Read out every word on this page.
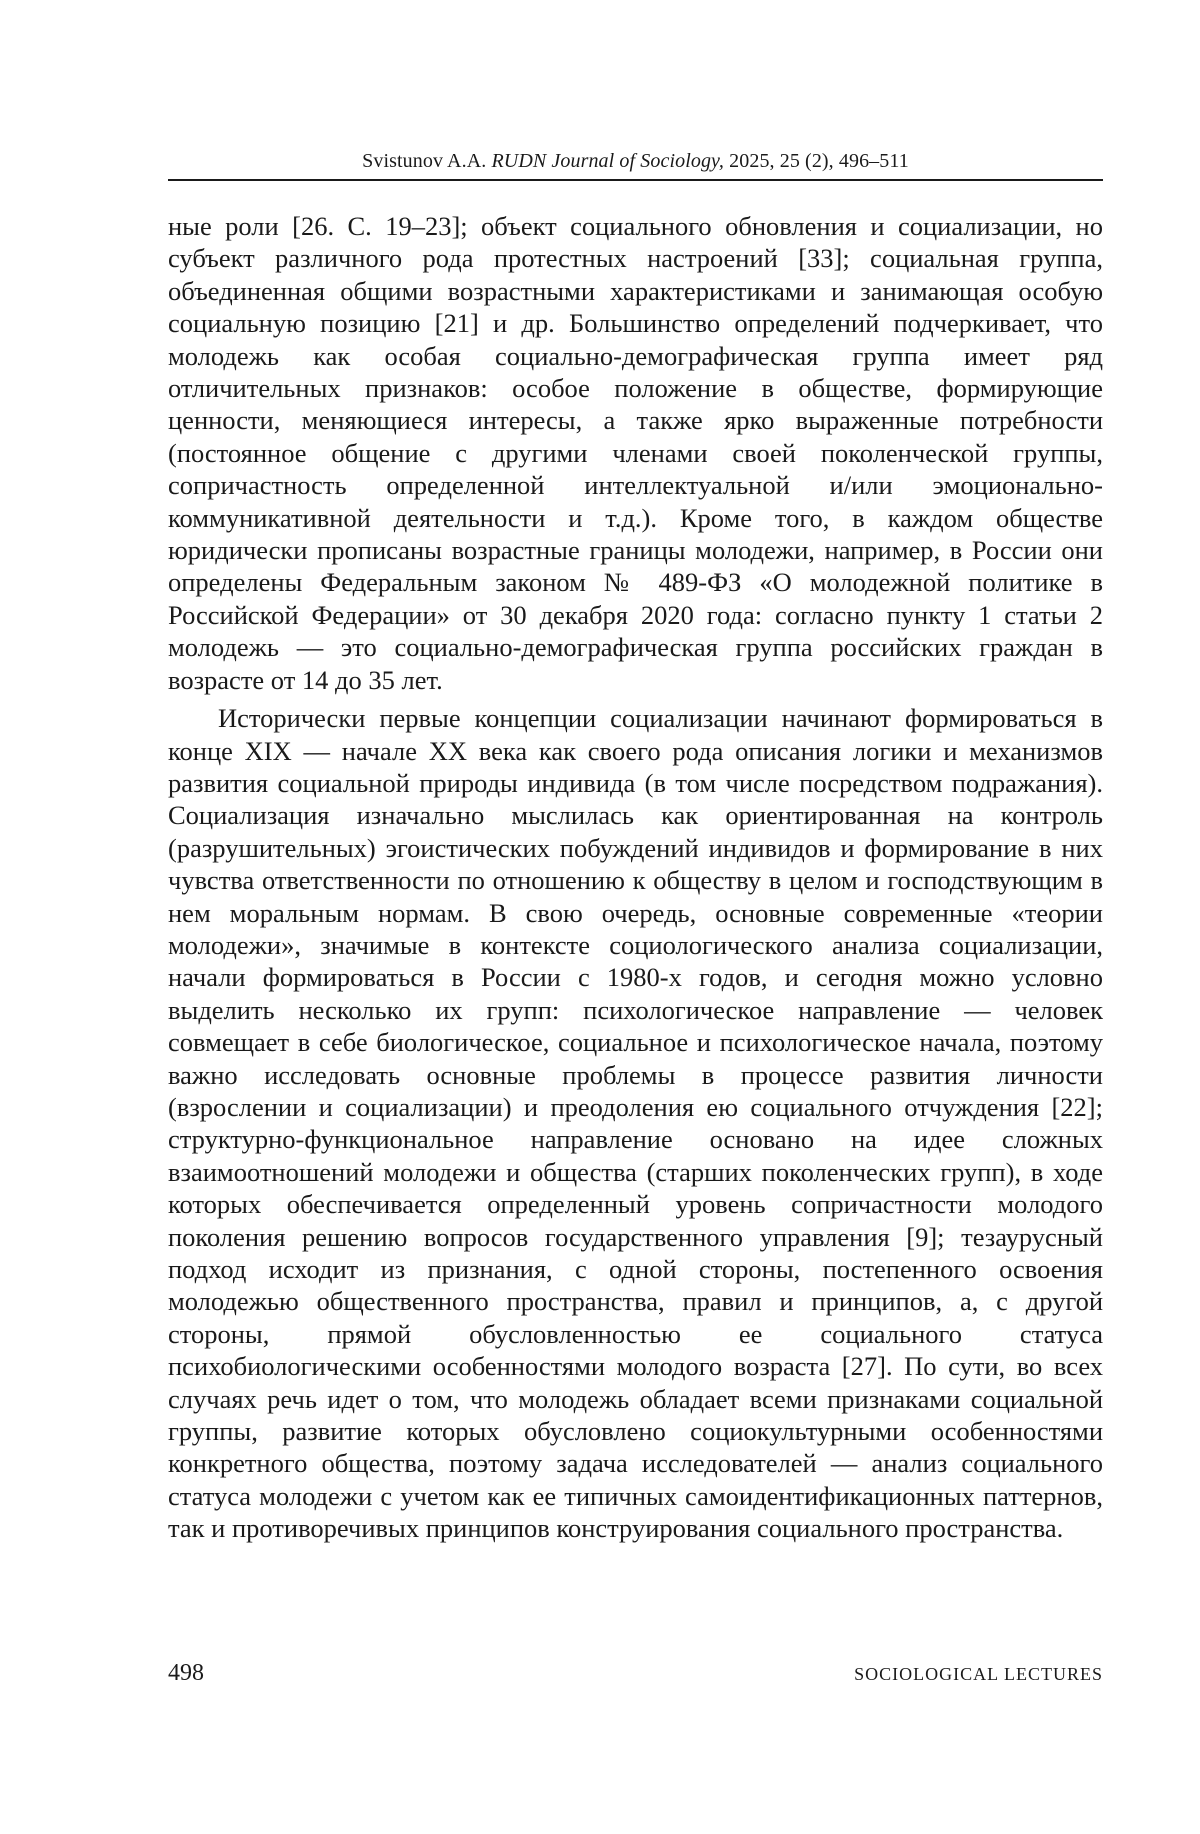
Svistunov A.A. RUDN Journal of Sociology, 2025, 25 (2), 496–511

ные роли [26. С. 19–23]; объект социального обновления и социализации, но субъект различного рода протестных настроений [33]; социальная груп­па, объединенная общими возрастными характеристиками и занимающая особую социальную позицию [21] и др. Большинство определений подчер­кивает, что молодежь как особая социально-демографическая группа имеет ряд отличительных признаков: особое положение в обществе, формирую­щие ценности, меняющиеся интересы, а также ярко выраженные потребно­сти (постоянное общение с другими членами своей поколенческой группы, сопричастность определенной интеллектуальной и/или эмоционально-коммуникативной деятельности и т.д.). Кроме того, в каждом обществе юридически прописаны возрастные границы молодежи, например, в России они определены Федеральным законом № 489-ФЗ «О молодежной полити­ке в Российской Федерации» от 30 декабря 2020 года: согласно пункту 1 статьи 2 молодежь — это социально-демографическая группа российских граждан в возрасте от 14 до 35 лет.

Исторически первые концепции социализации начинают формиро­ваться в конце XIX — начале XX века как своего рода описания логики и механизмов развития социальной природы индивида (в том числе по­средством подражания). Социализация изначально мыслилась как ориен­тированная на контроль (разрушительных) эгоистических побуждений индивидов и формирование в них чувства ответственности по отношению к обществу в целом и господствующим в нем моральным нормам. В свою очередь, основные современные «теории молодежи», значимые в контексте социологического анализа социализации, начали формироваться в России с 1980-х годов, и сегодня можно условно выделить несколько их групп: пси­хологическое направление — человек совмещает в себе биологическое, со­циальное и психологическое начала, поэтому важно исследовать основные проблемы в процессе развития личности (взрослении и социализации) и пре­одоления ею социального отчуждения [22]; структурно-функциональное направление основано на идее сложных взаимоотношений молодежи и об­щества (старших поколенческих групп), в ходе которых обеспечивает­ся определенный уровень сопричастности молодого поколения решению вопросов государственного управления [9]; тезаурусный подход исходит из признания, с одной стороны, постепенного освоения молодежью обще­ственного пространства, правил и принципов, а, с другой стороны, прямой обусловленностью ее социального статуса психобиологическими особенно­стями молодого возраста [27]. По сути, во всех случаях речь идет о том, что молодежь обладает всеми признаками социальной группы, развитие которых обусловлено социокультурными особенностями конкретного об­щества, поэтому задача исследователей — анализ социального статуса мо­лодежи с учетом как ее типичных самоидентификационных паттернов, так и противоречивых принципов конструирования социального пространства.

498	SOCIOLOGICAL LECTURES
